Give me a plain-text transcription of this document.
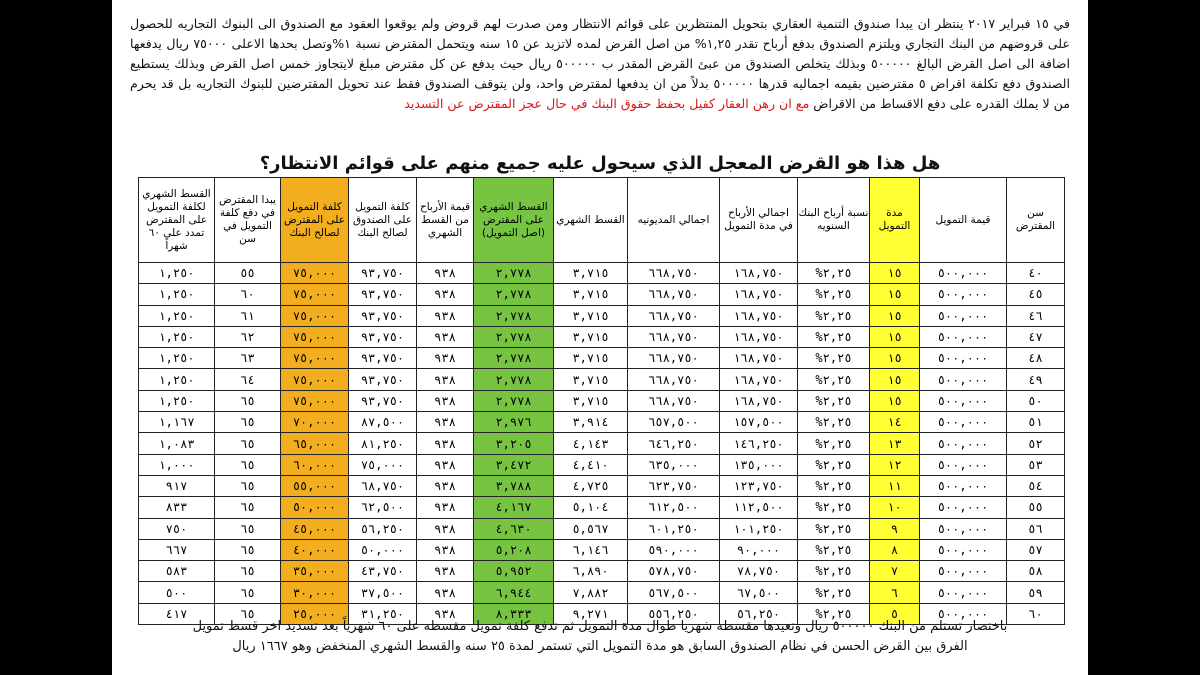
في ١٥ فبراير ٢٠١٧ ينتظر ان يبدا صندوق التنمية العقاري بتحويل المنتظرين على قوائم الانتظار ومن صدرت لهم قروض ولم يوقعوا العقود مع الصندوق الى البنوك التجاريه للحصول على قروضهم من البنك التجاري ويلتزم الصندوق بدفع أرباح تقدر ١,٢٥% من اصل القرض لمده لاتزيد عن ١٥ سنه ويتحمل المقترض نسبة ١%وتصل بحدها الاعلى ٧٥٠٠٠ ريال يدفعها اضافة الى اصل القرض البالغ ٥٠٠٠٠٠ وبذلك يتخلص الصندوق من عبئ القرض المقدر ب ٥٠٠٠٠٠ ريال حيث يدفع عن كل مقترض مبلغ لايتجاوز خمس اصل القرض وبذلك يستطيع الصندوق دفع تكلفة اقراض ٥ مقترضين بقيمه اجماليه قدرها ٥٠٠٠٠٠ بدلاً من ان يدفعها لمقترض واحد، ولن يتوقف الصندوق فقط عند تحويل المقترضين للبنوك التجاريه بل قد يحرم من لا يملك القدره على دفع الاقساط من الاقراض مع ان رهن العقار كفيل بحفظ حقوق البنك في حال عجز المقترض عن التسديد
هل هذا هو القرض المعجل الذي سيحول عليه جميع منهم على قوائم الانتظار؟
سن المقترض	قيمة التمويل	مدة التمويل	نسبة أرباح البنك السنويه	اجمالي الأرباح في مدة التمويل	اجمالي المديونيه	القسط الشهري	القسط الشهري على المقترض (اصل التمويل)	قيمة الأرباح من القسط الشهري	كلفة التمويل على الصندوق لصالح البنك	كلفة التمويل على المقترض لصالح البنك	يبدا المقترض في دفع كلفة التمويل في سن	القسط الشهري لكلفة التمويل على المقترض تمدد على ٦٠ شهراً
٤٠	٥٠٠,٠٠٠	١٥	٢,٢٥%	١٦٨,٧٥٠	٦٦٨,٧٥٠	٣,٧١٥	٢,٧٧٨	٩٣٨	٩٣,٧٥٠	٧٥,٠٠٠	٥٥	١,٢٥٠
٤٥	٥٠٠,٠٠٠	١٥	٢,٢٥%	١٦٨,٧٥٠	٦٦٨,٧٥٠	٣,٧١٥	٢,٧٧٨	٩٣٨	٩٣,٧٥٠	٧٥,٠٠٠	٦٠	١,٢٥٠
٤٦	٥٠٠,٠٠٠	١٥	٢,٢٥%	١٦٨,٧٥٠	٦٦٨,٧٥٠	٣,٧١٥	٢,٧٧٨	٩٣٨	٩٣,٧٥٠	٧٥,٠٠٠	٦١	١,٢٥٠
٤٧	٥٠٠,٠٠٠	١٥	٢,٢٥%	١٦٨,٧٥٠	٦٦٨,٧٥٠	٣,٧١٥	٢,٧٧٨	٩٣٨	٩٣,٧٥٠	٧٥,٠٠٠	٦٢	١,٢٥٠
٤٨	٥٠٠,٠٠٠	١٥	٢,٢٥%	١٦٨,٧٥٠	٦٦٨,٧٥٠	٣,٧١٥	٢,٧٧٨	٩٣٨	٩٣,٧٥٠	٧٥,٠٠٠	٦٣	١,٢٥٠
٤٩	٥٠٠,٠٠٠	١٥	٢,٢٥%	١٦٨,٧٥٠	٦٦٨,٧٥٠	٣,٧١٥	٢,٧٧٨	٩٣٨	٩٣,٧٥٠	٧٥,٠٠٠	٦٤	١,٢٥٠
٥٠	٥٠٠,٠٠٠	١٥	٢,٢٥%	١٦٨,٧٥٠	٦٦٨,٧٥٠	٣,٧١٥	٢,٧٧٨	٩٣٨	٩٣,٧٥٠	٧٥,٠٠٠	٦٥	١,٢٥٠
٥١	٥٠٠,٠٠٠	١٤	٢,٢٥%	١٥٧,٥٠٠	٦٥٧,٥٠٠	٣,٩١٤	٢,٩٧٦	٩٣٨	٨٧,٥٠٠	٧٠,٠٠٠	٦٥	١,١٦٧
٥٢	٥٠٠,٠٠٠	١٣	٢,٢٥%	١٤٦,٢٥٠	٦٤٦,٢٥٠	٤,١٤٣	٣,٢٠٥	٩٣٨	٨١,٢٥٠	٦٥,٠٠٠	٦٥	١,٠٨٣
٥٣	٥٠٠,٠٠٠	١٢	٢,٢٥%	١٣٥,٠٠٠	٦٣٥,٠٠٠	٤,٤١٠	٣,٤٧٢	٩٣٨	٧٥,٠٠٠	٦٠,٠٠٠	٦٥	١,٠٠٠
٥٤	٥٠٠,٠٠٠	١١	٢,٢٥%	١٢٣,٧٥٠	٦٢٣,٧٥٠	٤,٧٢٥	٣,٧٨٨	٩٣٨	٦٨,٧٥٠	٥٥,٠٠٠	٦٥	٩١٧
٥٥	٥٠٠,٠٠٠	١٠	٢,٢٥%	١١٢,٥٠٠	٦١٢,٥٠٠	٥,١٠٤	٤,١٦٧	٩٣٨	٦٢,٥٠٠	٥٠,٠٠٠	٦٥	٨٣٣
٥٦	٥٠٠,٠٠٠	٩	٢,٢٥%	١٠١,٢٥٠	٦٠١,٢٥٠	٥,٥٦٧	٤,٦٣٠	٩٣٨	٥٦,٢٥٠	٤٥,٠٠٠	٦٥	٧٥٠
٥٧	٥٠٠,٠٠٠	٨	٢,٢٥%	٩٠,٠٠٠	٥٩٠,٠٠٠	٦,١٤٦	٥,٢٠٨	٩٣٨	٥٠,٠٠٠	٤٠,٠٠٠	٦٥	٦٦٧
٥٨	٥٠٠,٠٠٠	٧	٢,٢٥%	٧٨,٧٥٠	٥٧٨,٧٥٠	٦,٨٩٠	٥,٩٥٢	٩٣٨	٤٣,٧٥٠	٣٥,٠٠٠	٦٥	٥٨٣
٥٩	٥٠٠,٠٠٠	٦	٢,٢٥%	٦٧,٥٠٠	٥٦٧,٥٠٠	٧,٨٨٢	٦,٩٤٤	٩٣٨	٣٧,٥٠٠	٣٠,٠٠٠	٦٥	٥٠٠
٦٠	٥٠٠,٠٠٠	٥	٢,٢٥%	٥٦,٢٥٠	٥٥٦,٢٥٠	٩,٢٧١	٨,٣٣٣	٩٣٨	٣١,٢٥٠	٢٥,٠٠٠	٦٥	٤١٧
باختصار تستلم من البنك ٥٠٠٠٠٠ ريال وتعيدها مقسطه شهريا طوال مدة التمويل ثم تدفع كلفة تمويل مقسطه على ٦٠ شهرياً بعد تسديد اخر قسط تمويل
الفرق بين القرض الحسن في نظام الصندوق السابق هو مدة التمويل التي تستمر لمدة ٢٥ سنه والقسط الشهري المنخفض وهو ١٦٦٧ ريال
